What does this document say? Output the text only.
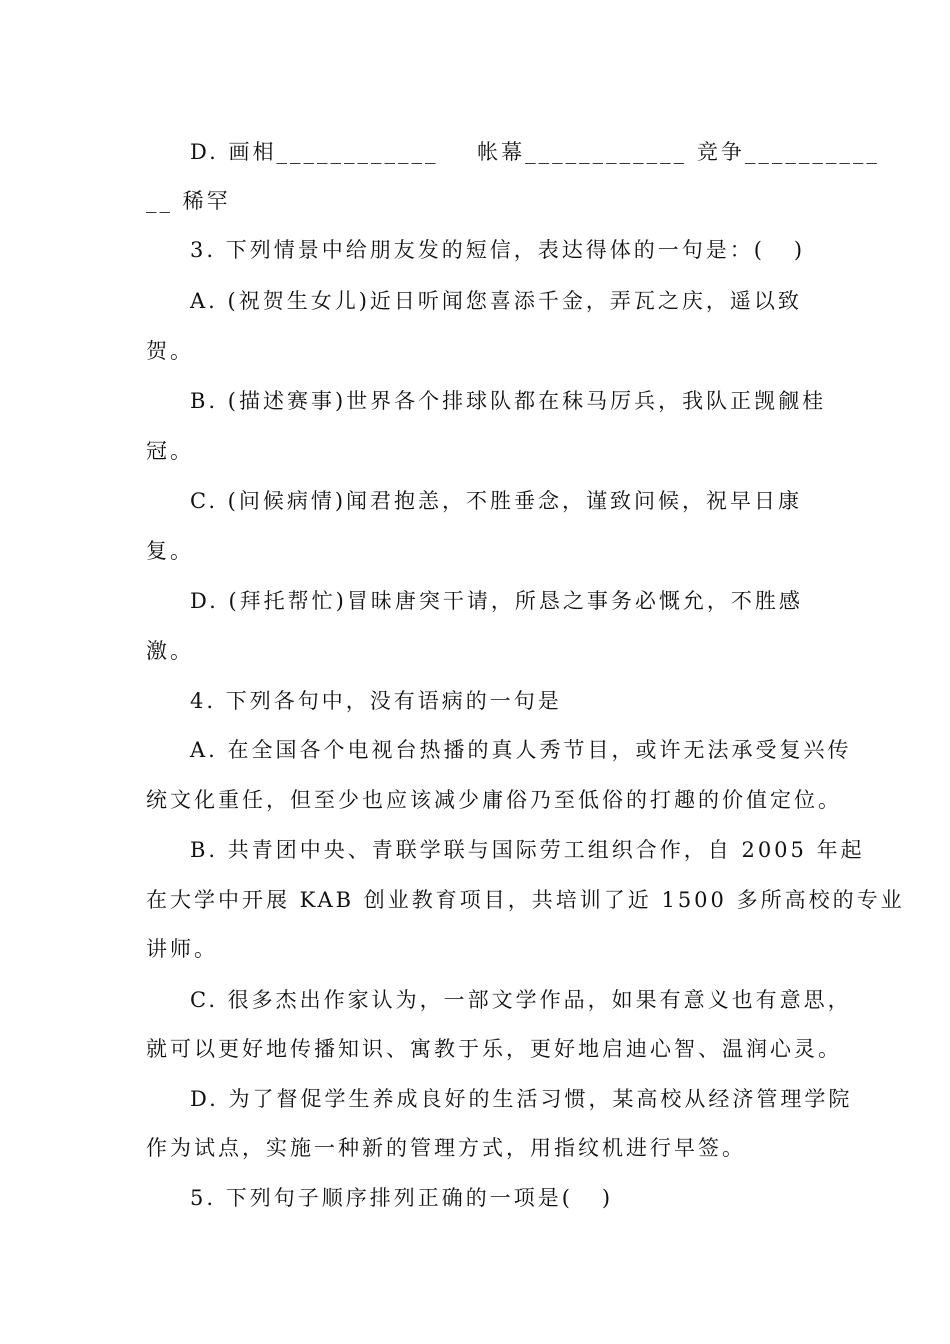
D. 画相____________    帐幕____________ 竞争__________
__ 稀罕
3. 下列情景中给朋友发的短信，表达得体的一句是：(   )
A. (祝贺生女儿)近日听闻您喜添千金，弄瓦之庆，遥以致
贺。
B. (描述赛事)世界各个排球队都在秣马厉兵，我队正觊觎桂
冠。
C. (问候病情)闻君抱恙，不胜垂念，谨致问候，祝早日康
复。
D. (拜托帮忙)冒昧唐突干请，所恳之事务必慨允，不胜感
激。
4. 下列各句中，没有语病的一句是
A. 在全国各个电视台热播的真人秀节目，或许无法承受复兴传
统文化重任，但至少也应该减少庸俗乃至低俗的打趣的价值定位。
B. 共青团中央、青联学联与国际劳工组织合作，自 2005 年起
在大学中开展 KAB 创业教育项目，共培训了近 1500 多所高校的专业
讲师。
C. 很多杰出作家认为，一部文学作品，如果有意义也有意思，
就可以更好地传播知识、寓教于乐，更好地启迪心智、温润心灵。
D. 为了督促学生养成良好的生活习惯，某高校从经济管理学院
作为试点，实施一种新的管理方式，用指纹机进行早签。
5. 下列句子顺序排列正确的一项是(   )
